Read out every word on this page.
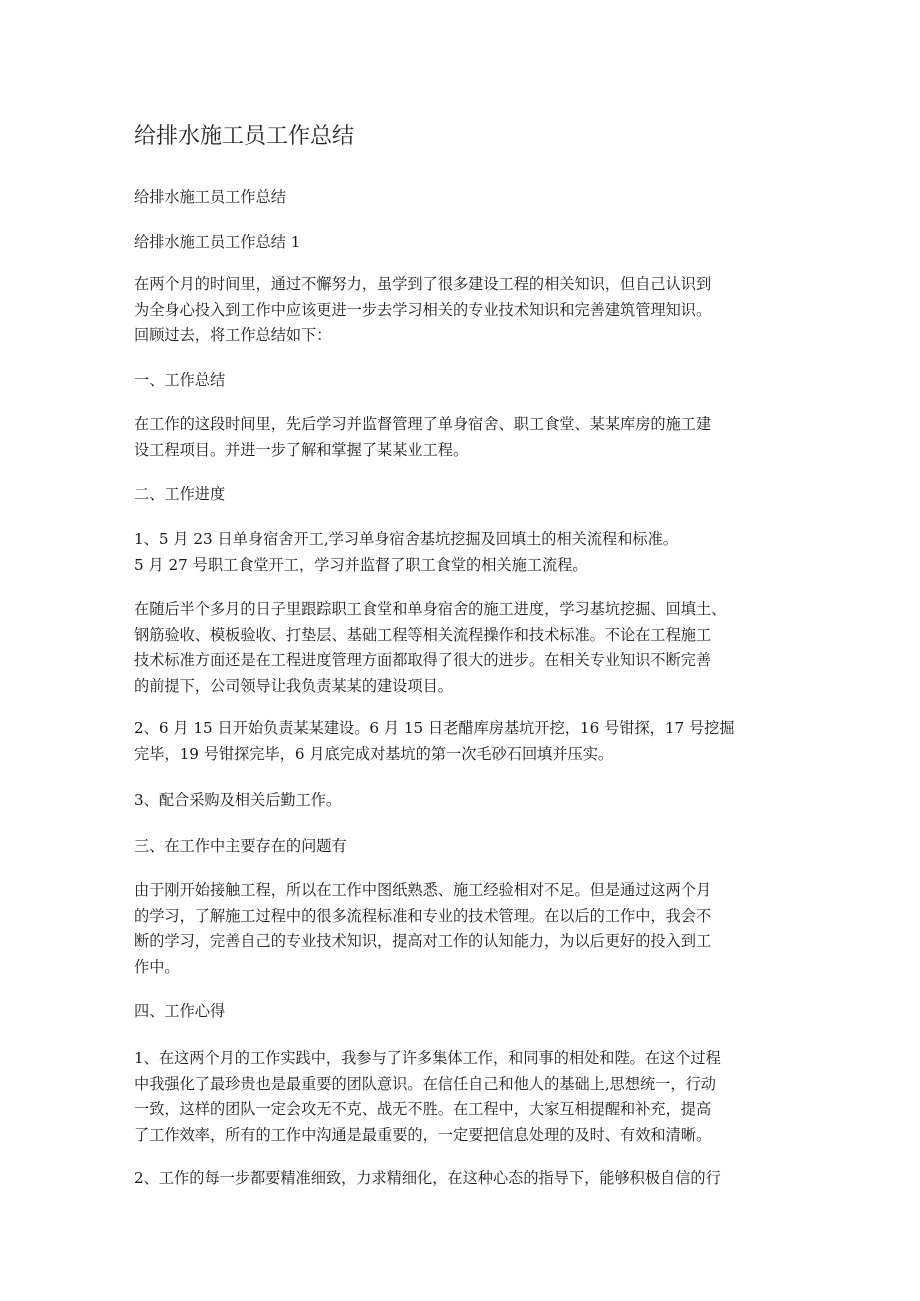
给排水施工员工作总结
给排水施工员工作总结
给排水施工员工作总结 1
在两个月的时间里，通过不懈努力，虽学到了很多建设工程的相关知识，但自己认识到
为全身心投入到工作中应该更进一步去学习相关的专业技术知识和完善建筑管理知识。
回顾过去，将工作总结如下：
一、工作总结
在工作的这段时间里，先后学习并监督管理了单身宿舍、职工食堂、某某库房的施工建
设工程项目。并进一步了解和掌握了某某业工程。
二、工作进度
1、5 月 23 日单身宿舍开工,学习单身宿舍基坑挖掘及回填土的相关流程和标准。
5 月 27 号职工食堂开工，学习并监督了职工食堂的相关施工流程。
在随后半个多月的日子里跟踪职工食堂和单身宿舍的施工进度，学习基坑挖掘、回填土、
钢筋验收、模板验收、打垫层、基础工程等相关流程操作和技术标准。不论在工程施工
技术标准方面还是在工程进度管理方面都取得了很大的进步。在相关专业知识不断完善
的前提下，公司领导让我负责某某的建设项目。
2、6 月 15 日开始负责某某建设。6 月 15 日老醋库房基坑开挖，16 号钳探，17 号挖掘
完毕，19 号钳探完毕，6 月底完成对基坑的第一次毛砂石回填并压实。
3、配合采购及相关后勤工作。
三、在工作中主要存在的问题有
由于刚开始接触工程，所以在工作中图纸熟悉、施工经验相对不足。但是通过这两个月
的学习，了解施工过程中的很多流程标准和专业的技术管理。在以后的工作中，我会不
断的学习，完善自己的专业技术知识，提高对工作的认知能力，为以后更好的投入到工
作中。
四、工作心得
1、在这两个月的工作实践中，我参与了许多集体工作，和同事的相处和陛。在这个过程
中我强化了最珍贵也是最重要的团队意识。在信任自己和他人的基础上,思想统一，行动
一致，这样的团队一定会攻无不克、战无不胜。在工程中，大家互相提醒和补充，提高
了工作效率，所有的工作中沟通是最重要的，一定要把信息处理的及时、有效和清晰。
2、工作的每一步都要精准细致，力求精细化，在这种心态的指导下，能够积极自信的行
